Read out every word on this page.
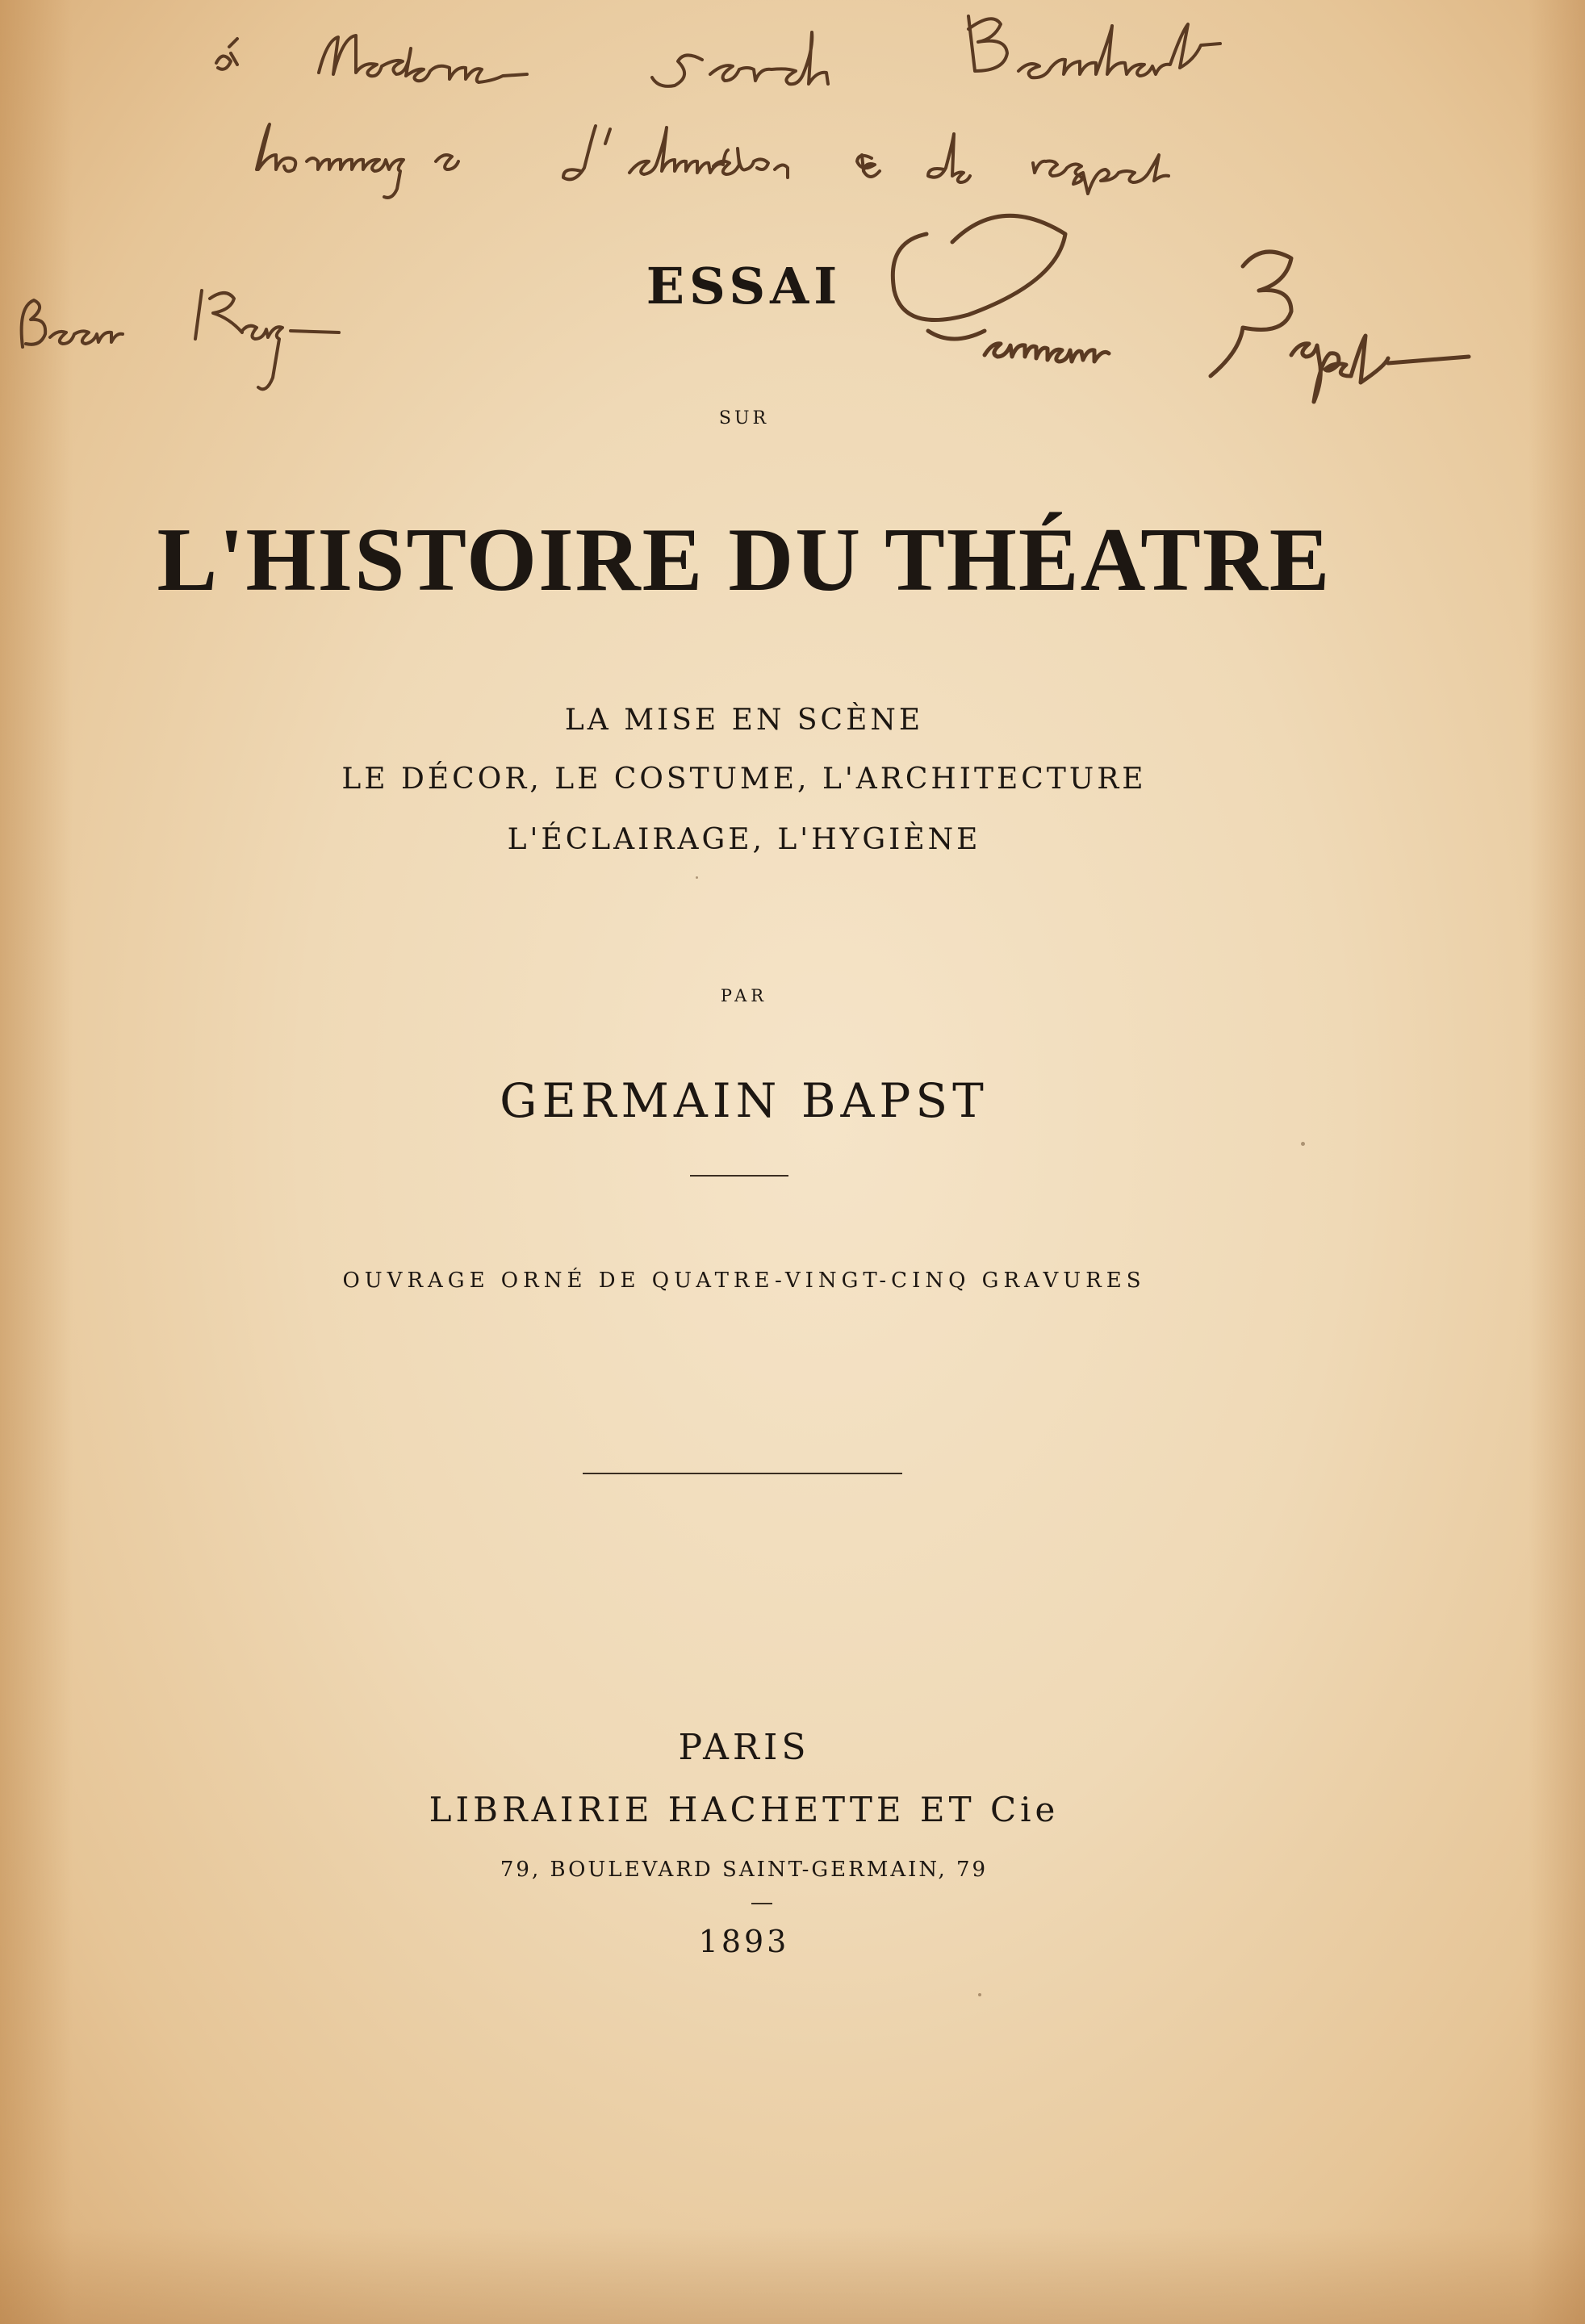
ESSAI
SUR
L'HISTOIRE DU THÉATRE
LA MISE EN SCÈNE
LE DÉCOR, LE COSTUME, L'ARCHITECTURE
L'ÉCLAIRAGE, L'HYGIÈNE
PAR
GERMAIN BAPST
OUVRAGE ORNÉ DE QUATRE-VINGT-CINQ GRAVURES
PARIS
LIBRAIRIE HACHETTE ET Cie
79, BOULEVARD SAINT-GERMAIN, 79
1893
